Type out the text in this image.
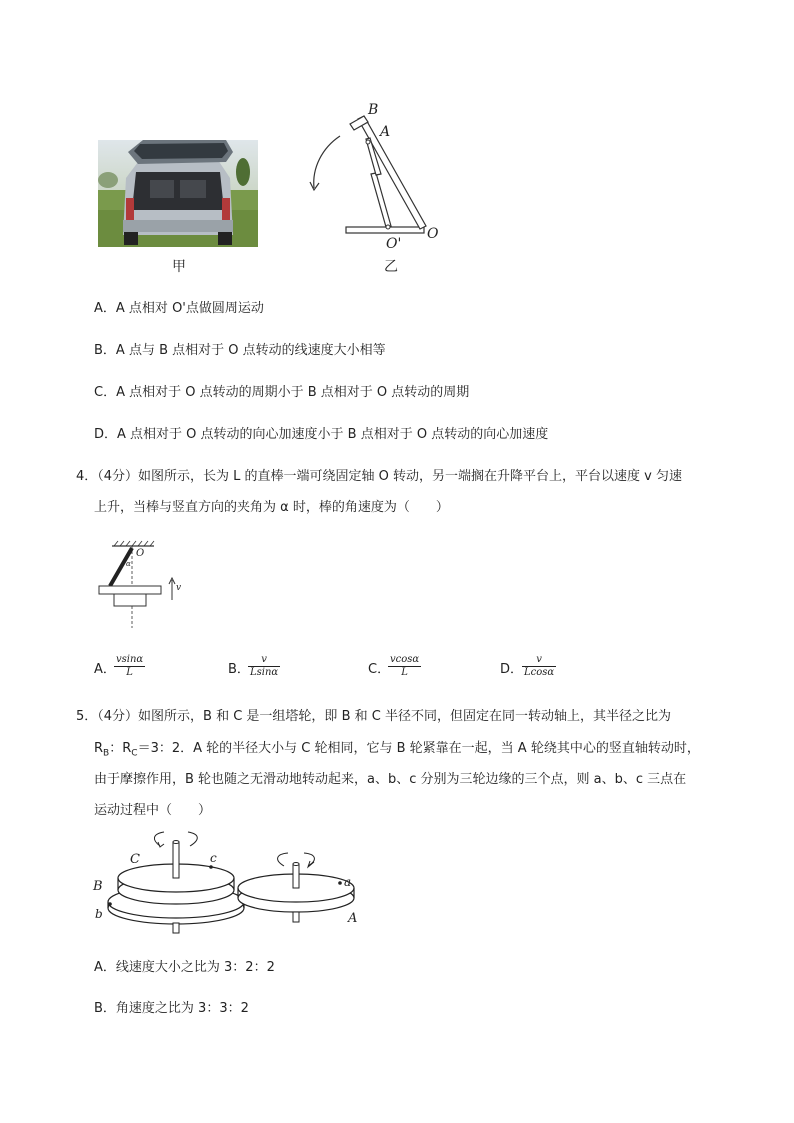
甲
B
A
O'
O
乙
A．A 点相对 O'点做圆周运动
B．A 点与 B 点相对于 O 点转动的线速度大小相等
C．A 点相对于 O 点转动的周期小于 B 点相对于 O 点转动的周期
D．A 点相对于 O 点转动的向心加速度小于 B 点相对于 O 点转动的向心加速度
4．（4分）如图所示，长为 L 的直棒一端可绕固定轴 O 转动，另一端搁在升降平台上，平台以速度 v 匀速
上升，当棒与竖直方向的夹角为 α 时，棒的角速度为（　　）
O
α
v
A．
$\frac{vsin\alpha}{L}$	B．
$\frac{v}{Lsin\alpha}$	C．
$\frac{vcos\alpha}{L}$	D．
$\frac{v}{Lcos\alpha}$
5．（4分）如图所示，B 和 C 是一组塔轮，即 B 和 C 半径不同，但固定在同一转动轴上，其半径之比为
$R_B$：$R_C=3$：2．A 轮的半径大小与 C 轮相同，它与 B 轮紧靠在一起，当 A 轮绕其中心的竖直轴转动时，
由于摩擦作用，B 轮也随之无滑动地转动起来，a、b、c 分别为三轮边缘的三个点，则 a、b、c 三点在
运动过程中（　　）
C	c
B
b
a
A
A．线速度大小之比为 3：2：2
B．角速度之比为 3：3：2
